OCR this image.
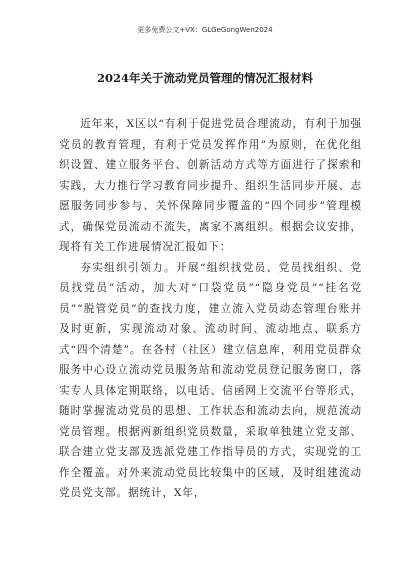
更多免费公文+VX：GLGeGongWen2024
2024年关于流动党员管理的情况汇报材料

近年来，X区以“有利于促进党员合理流动，有利于加强党员的教育管理，有利于党员发挥作用”为原则，在优化组织设置、建立服务平台、创新活动方式等方面进行了探索和实践，大力推行学习教育同步提升、组织生活同步开展、志愿服务同步参与、关怀保障同步覆盖的“四个同步”管理模式，确保党员流动不流失，离家不离组织。根据会议安排，现将有关工作进展情况汇报如下：

夯实组织引领力。开展“组织找党员、党员找组织、党员找党员”活动，加大对“口袋党员”“隐身党员”“挂名党员”“脱管党员”的查找力度，建立流入党员动态管理台账并及时更新，实现流动对象、流动时间、流动地点、联系方式“四个清楚”。在各村（社区）建立信息库，利用党员群众服务中心设立流动党员服务站和流动党员登记服务窗口，落实专人具体定期联络，以电话、信函网上交流平台等形式，随时掌握流动党员的思想、工作状态和流动去向，规范流动党员管理。根据两新组织党员数量，采取单独建立党支部、联合建立党支部及选派党建工作指导员的方式，实现党的工作全覆盖。对外来流动党员比较集中的区域，及时组建流动党员党支部。据统计，X年，
